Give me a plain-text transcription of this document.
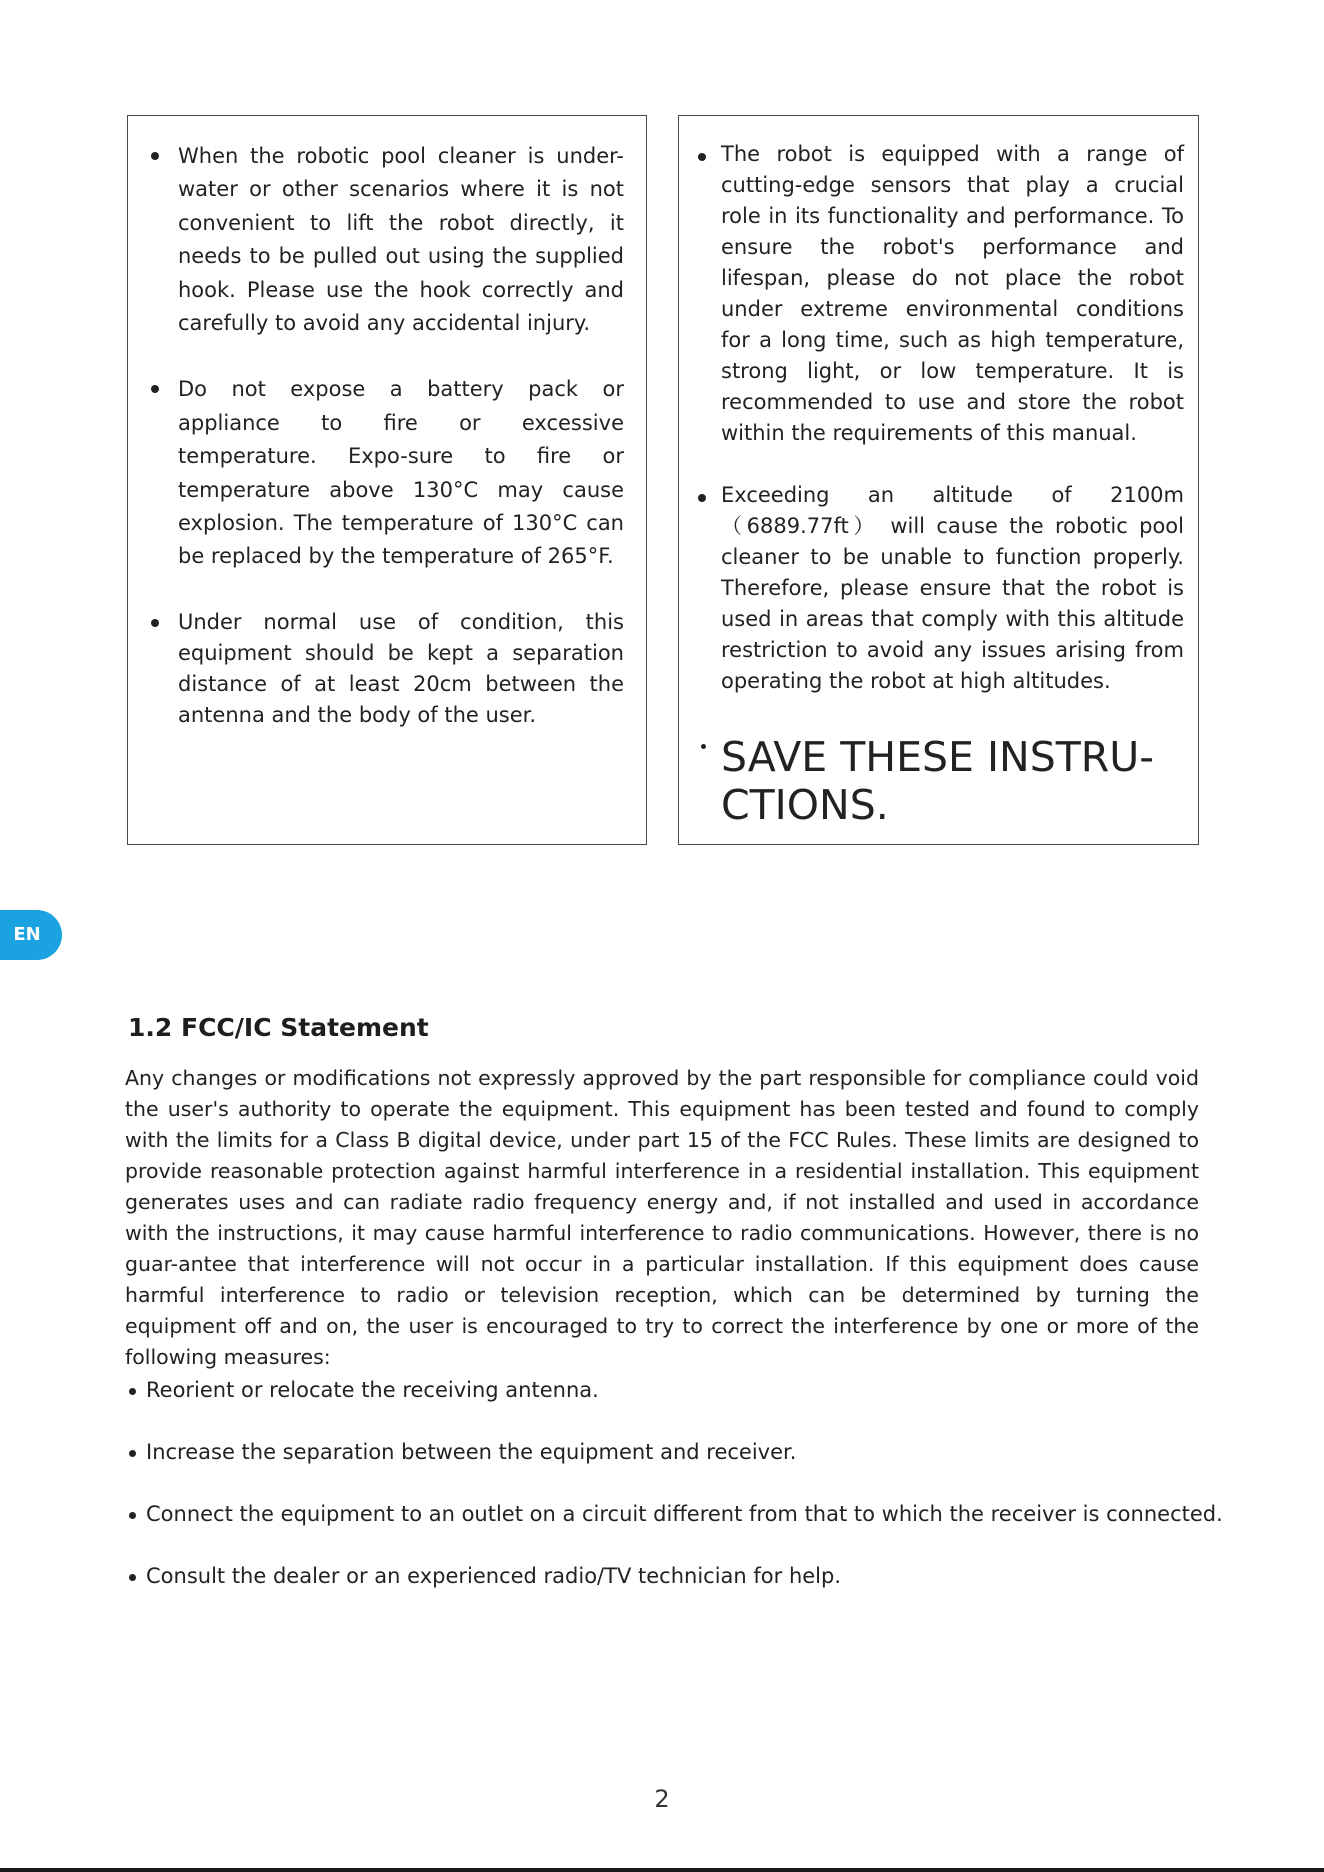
When the robotic pool cleaner is under-water or other scenarios where it is not convenient to lift the robot directly, it needs to be pulled out using the supplied hook. Please use the hook correctly and carefully to avoid any accidental injury.
Do not expose a battery pack or appliance to fire or excessive temperature. Expo-sure to fire or temperature above 130°C may cause explosion. The temperature of 130°C can be replaced by the temperature of 265°F.
Under normal use of condition, this equipment should be kept a separation distance of at least 20cm between the antenna and the body of the user.
The robot is equipped with a range of cutting-edge sensors that play a crucial role in its functionality and performance. To ensure the robot's performance and lifespan, please do not place the robot under extreme environmental conditions for a long time, such as high temperature, strong light, or low temperature. It is recommended to use and store the robot within the requirements of this manual.
Exceeding an altitude of 2100m （6889.77ft） will cause the robotic pool cleaner to be unable to function properly. Therefore, please ensure that the robot is used in areas that comply with this altitude restriction to avoid any issues arising from operating the robot at high altitudes.
SAVE THESE INSTRU-CTIONS.
EN
1.2 FCC/IC Statement

Any changes or modifications not expressly approved by the part responsible for compliance could void the user's authority to operate the equipment. This equipment has been tested and found to comply with the limits for a Class B digital device, under part 15 of the FCC Rules. These limits are designed to provide reasonable protection against harmful interference in a residential installation. This equipment generates uses and can radiate radio frequency energy and, if not installed and used in accordance with the instructions, it may cause harmful interference to radio communications. However, there is no guar-antee that interference will not occur in a particular installation. If this equipment does cause harmful interference to radio or television reception, which can be determined by turning the equipment off and on, the user is encouraged to try to correct the interference by one or more of the following measures:

Reorient or relocate the receiving antenna.
Increase the separation between the equipment and receiver.
Connect the equipment to an outlet on a circuit different from that to which the receiver is connected.
Consult the dealer or an experienced radio/TV technician for help.
2
